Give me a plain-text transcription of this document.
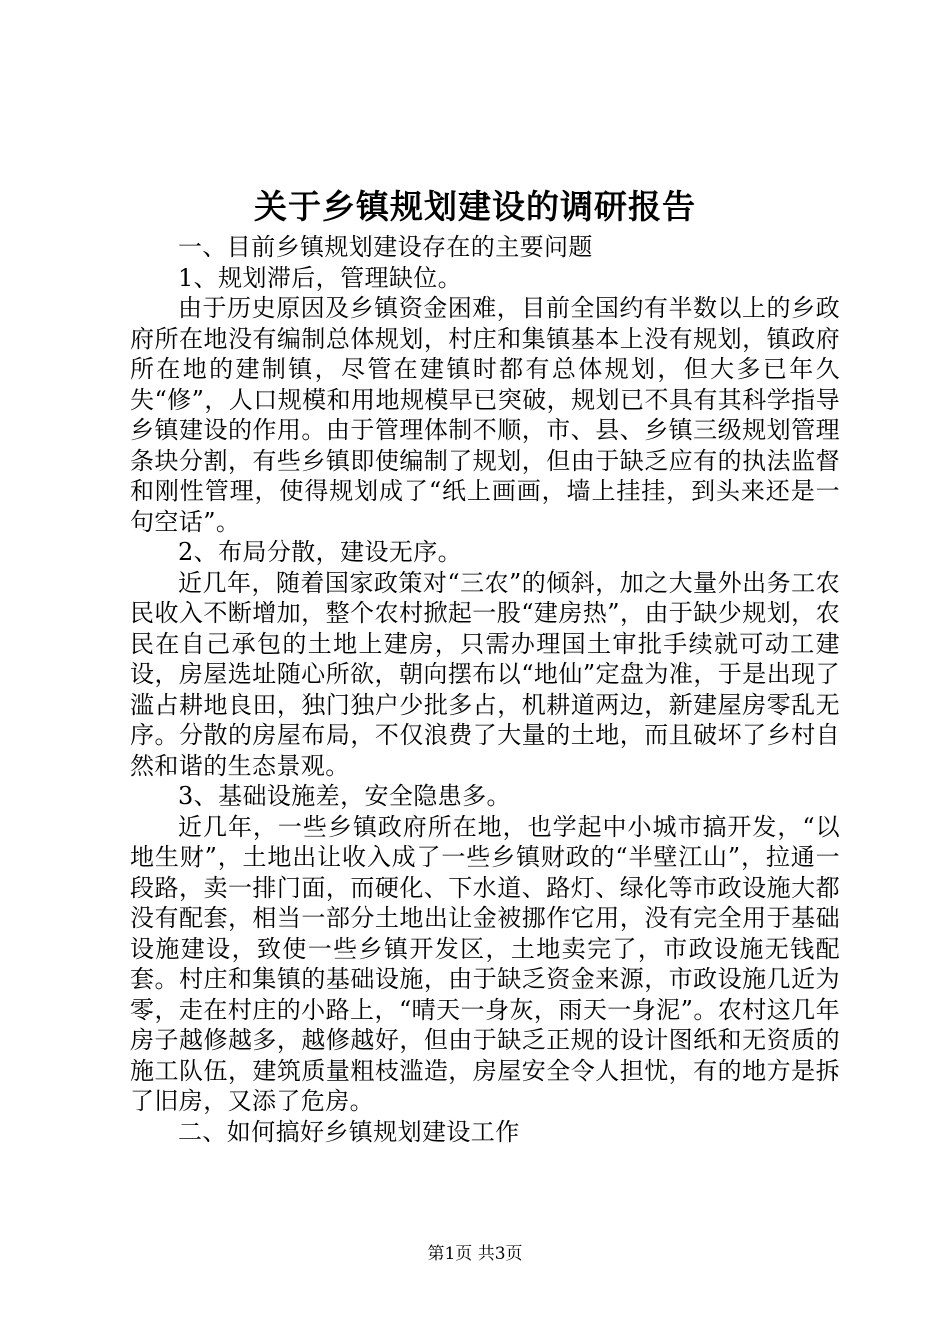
关于乡镇规划建设的调研报告

一、目前乡镇规划建设存在的主要问题

1、规划滞后，管理缺位。

由于历史原因及乡镇资金困难，目前全国约有半数以上的乡政府所在地没有编制总体规划，村庄和集镇基本上没有规划，镇政府所在地的建制镇，尽管在建镇时都有总体规划，但大多已年久失“修”，人口规模和用地规模早已突破，规划已不具有其科学指导乡镇建设的作用。由于管理体制不顺，市、县、乡镇三级规划管理条块分割，有些乡镇即使编制了规划，但由于缺乏应有的执法监督和刚性管理，使得规划成了“纸上画画，墙上挂挂，到头来还是一句空话”。

2、布局分散，建设无序。

近几年，随着国家政策对“三农”的倾斜，加之大量外出务工农民收入不断增加，整个农村掀起一股“建房热”，由于缺少规划，农民在自己承包的土地上建房，只需办理国土审批手续就可动工建设，房屋选址随心所欲，朝向摆布以“地仙”定盘为准，于是出现了滥占耕地良田，独门独户少批多占，机耕道两边，新建屋房零乱无序。分散的房屋布局，不仅浪费了大量的土地，而且破坏了乡村自然和谐的生态景观。

3、基础设施差，安全隐患多。

近几年，一些乡镇政府所在地，也学起中小城市搞开发，“以地生财”，土地出让收入成了一些乡镇财政的“半壁江山”，拉通一段路，卖一排门面，而硬化、下水道、路灯、绿化等市政设施大都没有配套，相当一部分土地出让金被挪作它用，没有完全用于基础设施建设，致使一些乡镇开发区，土地卖完了，市政设施无钱配套。村庄和集镇的基础设施，由于缺乏资金来源，市政设施几近为零，走在村庄的小路上，“晴天一身灰，雨天一身泥”。农村这几年房子越修越多，越修越好，但由于缺乏正规的设计图纸和无资质的施工队伍，建筑质量粗枝滥造，房屋安全令人担忧，有的地方是拆了旧房，又添了危房。

二、如何搞好乡镇规划建设工作

第1页 共3页
